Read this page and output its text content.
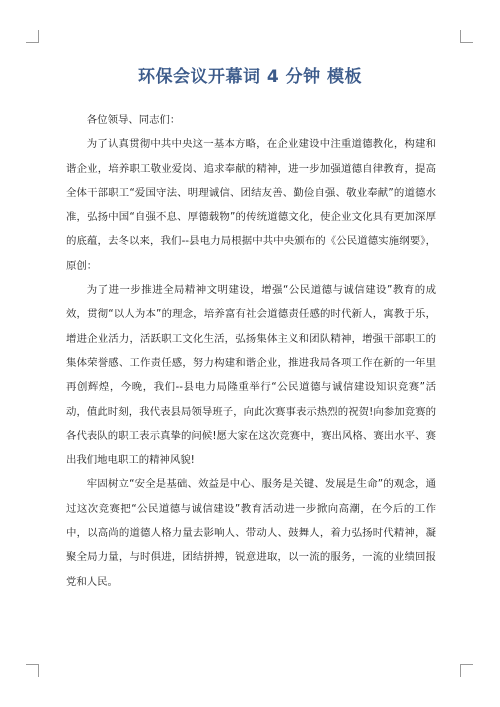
环保会议开幕词 4 分钟 模板

各位领导、同志们：

为了认真贯彻中共中央这一基本方略，在企业建设中注重道德教化，构建和谐企业，培养职工敬业爱岗、追求奉献的精神，进一步加强道德自律教育，提高全体干部职工“爱国守法、明理诚信、团结友善、勤俭自强、敬业奉献”的道德水准，弘扬中国“自强不息、厚德载物”的传统道德文化，使企业文化具有更加深厚的底蕴，去冬以来，我们--县电力局根据中共中央颁布的《公民道德实施纲要》，原创：

为了进一步推进全局精神文明建设，增强“公民道德与诚信建设”教育的成效，贯彻“以人为本”的理念，培养富有社会道德责任感的时代新人，寓教于乐，增进企业活力，活跃职工文化生活，弘扬集体主义和团队精神，增强干部职工的集体荣誉感、工作责任感，努力构建和谐企业，推进我局各项工作在新的一年里再创辉煌，今晚，我们--县电力局隆重举行“公民道德与诚信建设知识竞赛”活动，值此时刻，我代表县局领导班子，向此次赛事表示热烈的祝贺!向参加竞赛的各代表队的职工表示真挚的问候!愿大家在这次竞赛中，赛出风格、赛出水平、赛出我们地电职工的精神风貌!

牢固树立“安全是基础、效益是中心、服务是关键、发展是生命”的观念，通过这次竞赛把“公民道德与诚信建设”教育活动进一步掀向高潮，在今后的工作中，以高尚的道德人格力量去影响人、带动人、鼓舞人，着力弘扬时代精神，凝聚全局力量，与时俱进，团结拼搏，锐意进取，以一流的服务，一流的业绩回报党和人民。
